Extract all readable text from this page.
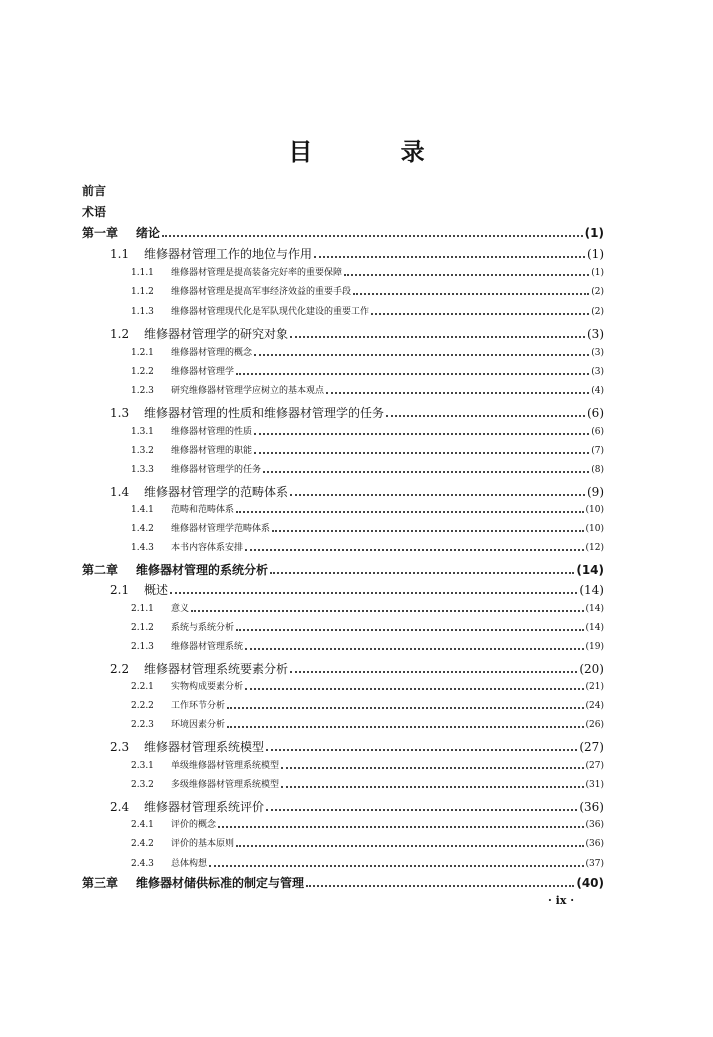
目 录
前言
术语
第一章	绪论	(1)
1.1	维修器材管理工作的地位与作用	(1)
1.1.1	维修器材管理是提高装备完好率的重要保障	(1)
1.1.2	维修器材管理是提高军事经济效益的重要手段	(2)
1.1.3	维修器材管理现代化是军队现代化建设的重要工作	(2)
1.2	维修器材管理学的研究对象	(3)
1.2.1	维修器材管理的概念	(3)
1.2.2	维修器材管理学	(3)
1.2.3	研究维修器材管理学应树立的基本观点	(4)
1.3	维修器材管理的性质和维修器材管理学的任务	(6)
1.3.1	维修器材管理的性质	(6)
1.3.2	维修器材管理的职能	(7)
1.3.3	维修器材管理学的任务	(8)
1.4	维修器材管理学的范畴体系	(9)
1.4.1	范畴和范畴体系	(10)
1.4.2	维修器材管理学范畴体系	(10)
1.4.3	本书内容体系安排	(12)
第二章	维修器材管理的系统分析	(14)
2.1	概述	(14)
2.1.1	意义	(14)
2.1.2	系统与系统分析	(14)
2.1.3	维修器材管理系统	(19)
2.2	维修器材管理系统要素分析	(20)
2.2.1	实物构成要素分析	(21)
2.2.2	工作环节分析	(24)
2.2.3	环境因素分析	(26)
2.3	维修器材管理系统模型	(27)
2.3.1	单级维修器材管理系统模型	(27)
2.3.2	多级维修器材管理系统模型	(31)
2.4	维修器材管理系统评价	(36)
2.4.1	评价的概念	(36)
2.4.2	评价的基本原则	(36)
2.4.3	总体构想	(37)
第三章	维修器材储供标准的制定与管理	(40)
· ix ·
